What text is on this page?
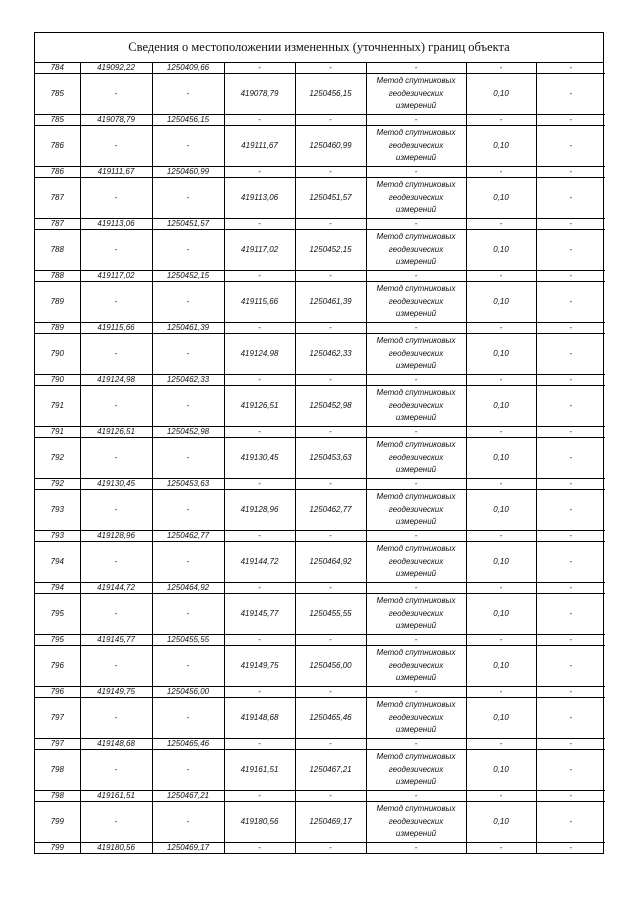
Сведения о местоположении измененных (уточненных) границ объекта
784	419092,22	1250409,66	-	-	-	-	-
785	-	-	419078,79	1250456,15	Метод спутниковых
геодезических
измерений	0,10	-
785	419078,79	1250456,15	-	-	-	-	-
786	-	-	419111,67	1250460,99	Метод спутниковых
геодезических
измерений	0,10	-
786	419111,67	1250460,99	-	-	-	-	-
787	-	-	419113,06	1250451,57	Метод спутниковых
геодезических
измерений	0,10	-
787	419113,06	1250451,57	-	-	-	-	-
788	-	-	419117,02	1250452,15	Метод спутниковых
геодезических
измерений	0,10	-
788	419117,02	1250452,15	-	-	-	-	-
789	-	-	419115,66	1250461,39	Метод спутниковых
геодезических
измерений	0,10	-
789	419115,66	1250461,39	-	-	-	-	-
790	-	-	419124,98	1250462,33	Метод спутниковых
геодезических
измерений	0,10	-
790	419124,98	1250462,33	-	-	-	-	-
791	-	-	419126,51	1250452,98	Метод спутниковых
геодезических
измерений	0,10	-
791	419126,51	1250452,98	-	-	-	-	-
792	-	-	419130,45	1250453,63	Метод спутниковых
геодезических
измерений	0,10	-
792	419130,45	1250453,63	-	-	-	-	-
793	-	-	419128,96	1250462,77	Метод спутниковых
геодезических
измерений	0,10	-
793	419128,96	1250462,77	-	-	-	-	-
794	-	-	419144,72	1250464,92	Метод спутниковых
геодезических
измерений	0,10	-
794	419144,72	1250464,92	-	-	-	-	-
795	-	-	419145,77	1250455,55	Метод спутниковых
геодезических
измерений	0,10	-
795	419145,77	1250455,55	-	-	-	-	-
796	-	-	419149,75	1250456,00	Метод спутниковых
геодезических
измерений	0,10	-
796	419149,75	1250456,00	-	-	-	-	-
797	-	-	419148,68	1250465,46	Метод спутниковых
геодезических
измерений	0,10	-
797	419148,68	1250465,46	-	-	-	-	-
798	-	-	419161,51	1250467,21	Метод спутниковых
геодезических
измерений	0,10	-
798	419161,51	1250467,21	-	-	-	-	-
799	-	-	419180,56	1250469,17	Метод спутниковых
геодезических
измерений	0,10	-
799	419180,56	1250469,17	-	-	-	-	-
